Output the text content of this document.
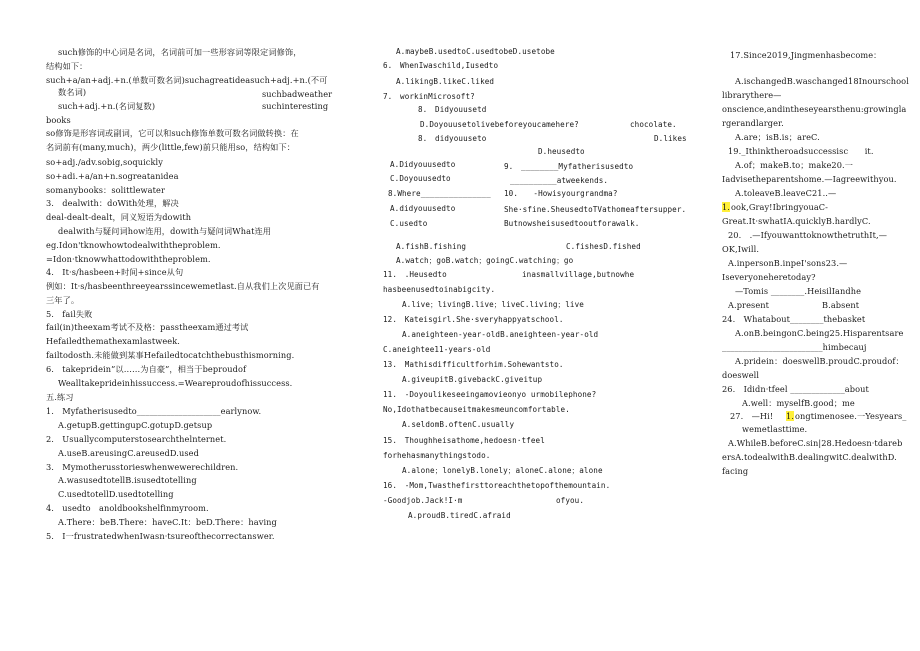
such修饰的中心词是名词，名词前可加一些形容词等限定词修饰，
结构如下：
such+a/an+adj.+n.(单数可数名词)suchagreatideasuch+adj.+n.(不可
数名词)	suchbadweather
such+adj.+n.(名词复数)	suchinteresting
books
so修饰是形容词或副词，它可以和such修饰单数可数名词做转换：在
名词前有(many,much)，两少(little,few)前只能用so，结构如下：
so+adj./adv.sobig,soquickly
so+adi.+a/an+n.sogreatanidea
somanybooks：solittlewater
3.　dealwith：doWith处理，解决
deal-dealt-dealt，同义短语为dowith
dealwith与疑问词how连用，dowith与疑问词What连用
eg.Idon'tknowhowtodealwiththeproblem.
=Idon·tknowwhattodowiththeproblem.
4.　It·s/hasbeen+时间+since从句
例如：It·s/hasbeenthreeyearssincewemetlast.自从我们上次见面已有
三年了。
5.　fail失败
fail(in)theexam考试不及格：passtheexam通过考试
Hefailedthemathexamlastweek.
failtodosth.未能做到某事Hefailedtocatchthebusthismorning.
6.　takepridein”以……为自豪”，相当于beproudof
Wealltakeprideinhissuccess.=Weareproudofhissuccess.
五.练习
1.　Myfatherisusedto____________________earlynow.
A.getupB.gettingupC.gotupD.getsup
2.　Usuallycomputerstosearchthelnternet.
A.useB.areusingC.areusedD.used
3.　Mymotherusstorieswhenwewerechildren.
A.wasusedtotellB.isusedtotelling
C.usedtotellD.usedtotelling
4.　usedto　anoldbookshelfinmyroom.
A.There：beB.There：haveC.It：beD.There：having
5.　I一frustratedwhenIwasn·tsureofthecorrectanswer.
A.maybeB.usedtoC.usedtobeD.usetobe
6.　WhenIwaschild,Iusedto
A.likingB.likeC.liked
7.　workinMicrosoft?
8.　Didyouusetd
D.Doyouusetolivebeforeyoucamehere?	chocolate.
8.　didyouuseto	D.likes
D.heusedto
A.Didyouusedto	9.　________Myfatherisusedto
C.Doyouusedto	__________atweekends.
8.Where_______________ 10.　　-Howisyourgrandma?
A.didyouusedto	She·sfine.SheusedtoTVathomeaftersupper.
C.usedto	Butnowsheisusedtooutforawalk.
A.fishB.fishing	C.fishesD.fished
A.watch；goB.watch；goingC.watching；go
11.　.Heusedto	inasmallvillage,butnowhe
hasbeenusedtoinabigcity.
A.live；livingB.live；liveC.living；live
12.　Kateisgirl.She·sveryhappyatschool.
A.aneighteen-year-oldB.aneighteen-year-old
C.aneightee11-years-old
13.　Mathisdifficultforhim.Sohewantsto.
A.giveupitB.givebackC.giveitup
11.　-Doyoulikeseeingamovieonyo urmobilephone?
No,Idothatbecauseitmakesmeuncomfortable.
A.seldomB.oftenC.usually
15.　Thoughheisathome,hedoesn·tfeel
forhehasmanythingstodo.
A.alone；lonelyB.lonely；aloneC.alone；alone
16.　-Mom,Twasthefirsttoreachthetopofthemountain.
-Goodjob.Jack!I·m	ofyou.
A.proudB.tiredC.afraid
17.Since2019,Jingmenhasbecome：
A.ischangedB.waschanged18Inourschool
librarythere—
onscience,andintheseyearsthenu:growingla
rgerandlarger.
A.are；isB.is；areC.
19._Ithinktheroadsuccessisc　　it.
A.of；makeB.to；make20.一
Iadvisetheparentshome.—Iagreewithyou.
A.toleaveB.leaveC21..—
1. ook,Gray!IbringyouaC-
Great.It·swhatIA.quicklyB.hardlyC.
20.　.—IfyouwanttoknowthetruthIt,—
OK,Iwill.
A.inpersonB.inpeI'sons23.—
Iseveryoneheretoday?
—Tomis ________.HeisilIandhe
A.present	B.absent
24.　Whatabout________thebasket
A.onB.beingonC.being25.Hisparentsare
________________________himbecauj
A.pridein：doeswellB.proudC.proudof：
doeswell
26.　Ididn·tfeel _____________about
A.well：myselfB.good；me
27.　—Hi! 1. ongtimenosee.一Yesyears_
wemetlasttime.
A.WhileB.beforeC.sin|28.Hedoesn·tdareb
ersA.todealwithB.dealingwitC.dealwithD.
facing
